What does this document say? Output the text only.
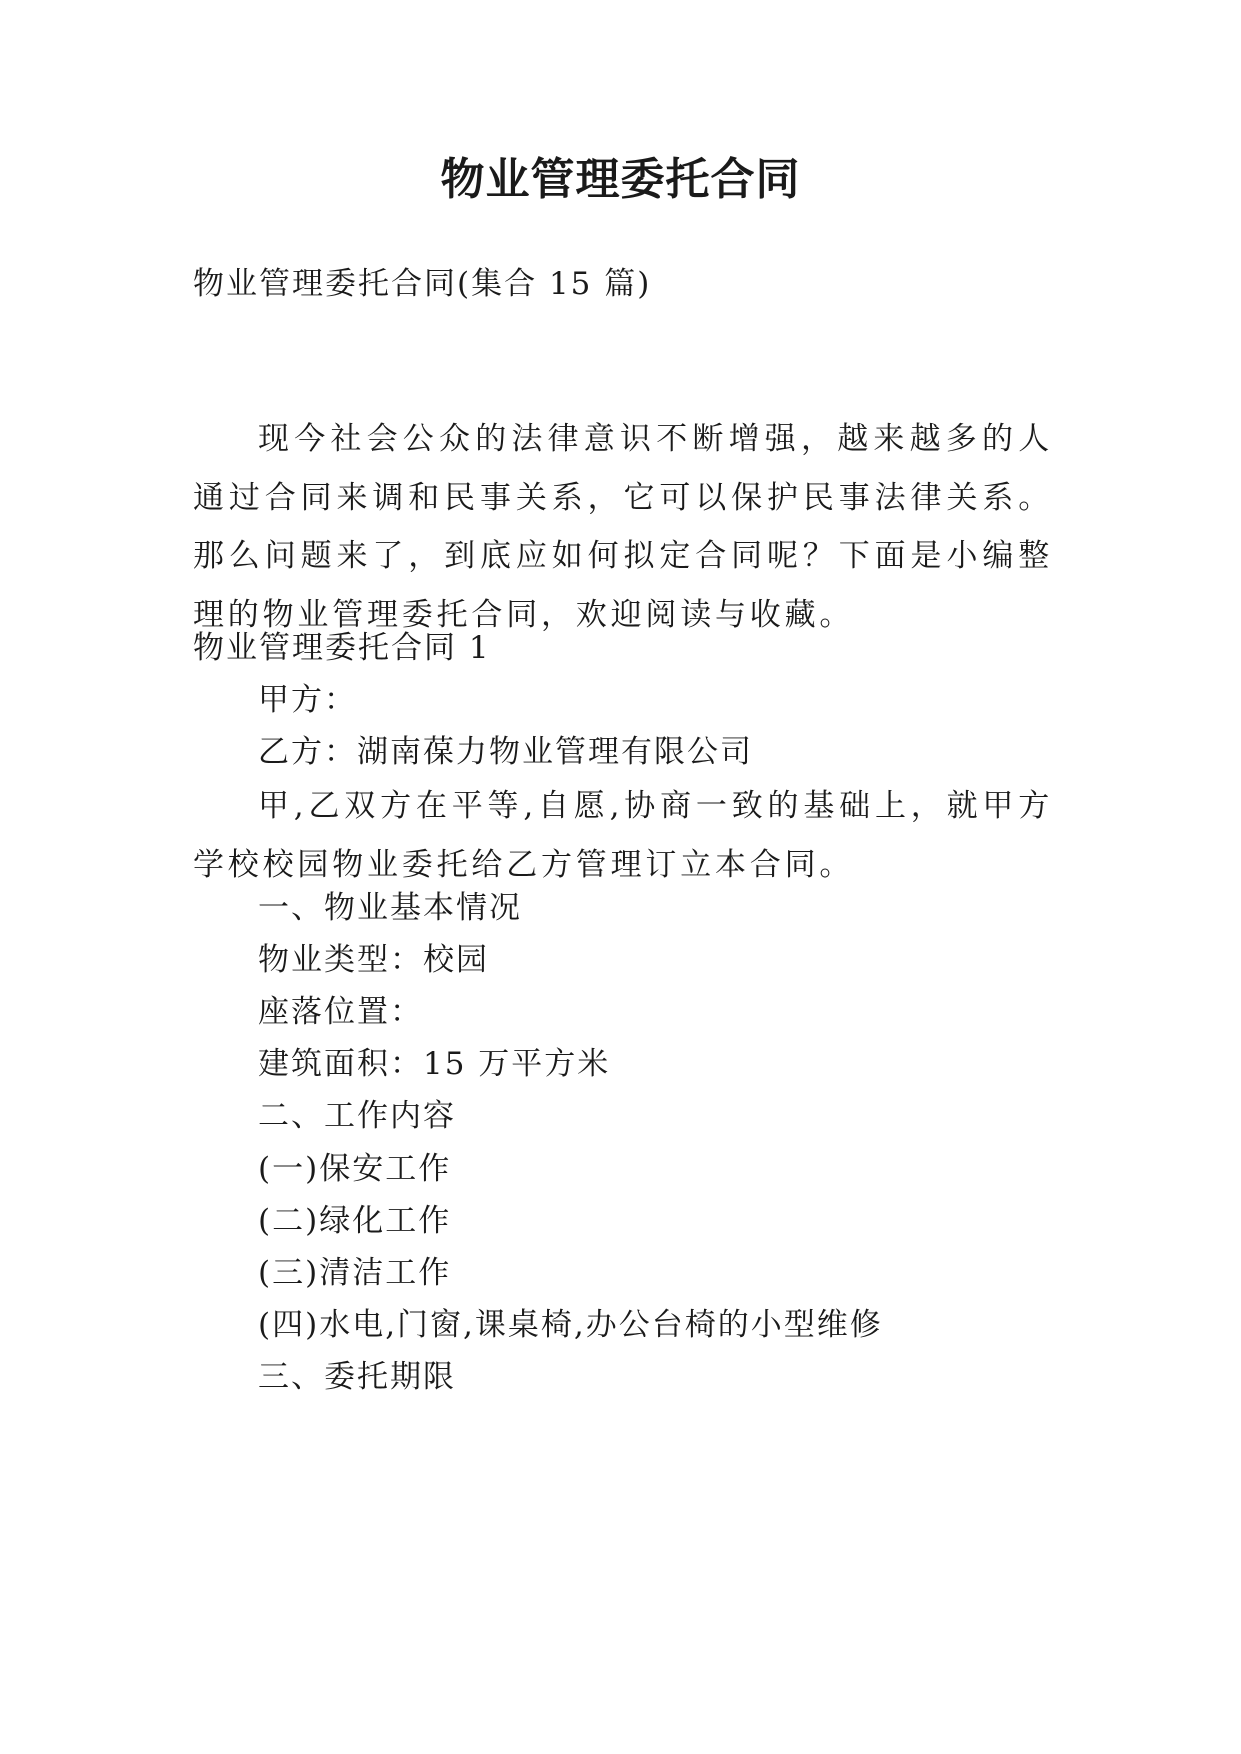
物业管理委托合同
物业管理委托合同(集合 15 篇)
现今社会公众的法律意识不断增强，越来越多的人通过合同来调和民事关系，它可以保护民事法律关系。那么问题来了，到底应如何拟定合同呢？下面是小编整理的物业管理委托合同，欢迎阅读与收藏。
物业管理委托合同 1
甲方：
乙方：湖南葆力物业管理有限公司
甲,乙双方在平等,自愿,协商一致的基础上，就甲方学校校园物业委托给乙方管理订立本合同。
一、物业基本情况
物业类型：校园
座落位置：
建筑面积：15 万平方米
二、工作内容
(一)保安工作
(二)绿化工作
(三)清洁工作
(四)水电,门窗,课桌椅,办公台椅的小型维修
三、委托期限
